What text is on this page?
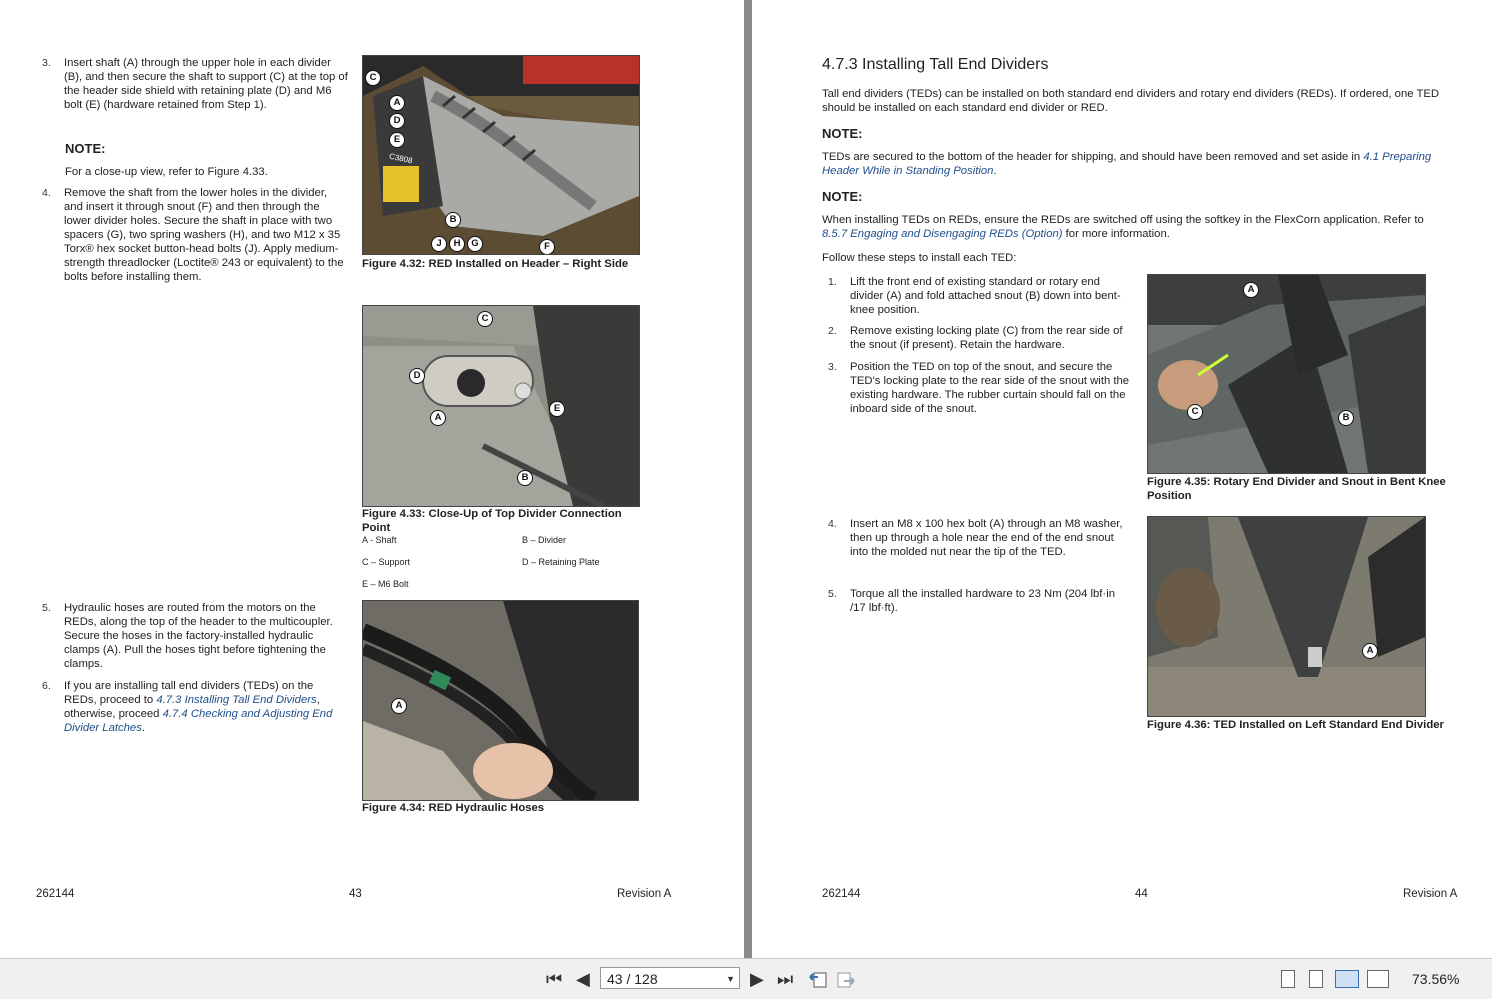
3. Insert shaft (A) through the upper hole in each divider (B), and then secure the shaft to support (C) at the top of the header side shield with retaining plate (D) and M6 bolt (E) (hardware retained from Step 1).
NOTE:
For a close-up view, refer to Figure 4.33.
4. Remove the shaft from the lower holes in the divider, and insert it through snout (F) and then through the lower divider holes. Secure the shaft in place with two spacers (G), two spring washers (H), and two M12 x 35 Torx® hex socket button-head bolts (J). Apply medium-strength threadlocker (Loctite® 243 or equivalent) to the bolts before installing them.
5. Hydraulic hoses are routed from the motors on the REDs, along the top of the header to the multicoupler. Secure the hoses in the factory-installed hydraulic clamps (A). Pull the hoses tight before tightening the clamps.
6. If you are installing tall end dividers (TEDs) on the REDs, proceed to 4.7.3 Installing Tall End Dividers, otherwise, proceed 4.7.4 Checking and Adjusting End Divider Latches.
C
A
D
E
C3808
B
J	H	G	F
Figure 4.32: RED Installed on Header – Right Side
C
D
A
E
B
Figure 4.33: Close-Up of Top Divider Connection Point
A - Shaft	B – Divider
C – Support	D – Retaining Plate
E – M6 Bolt
A
Figure 4.34: RED Hydraulic Hoses
262144	43	Revision A
4.7.3 Installing Tall End Dividers
Tall end dividers (TEDs) can be installed on both standard end dividers and rotary end dividers (REDs). If ordered, one TED should be installed on each standard end divider or RED.
NOTE:
TEDs are secured to the bottom of the header for shipping, and should have been removed and set aside in 4.1 Preparing Header While in Standing Position.
NOTE:
When installing TEDs on REDs, ensure the REDs are switched off using the softkey in the FlexCorn application. Refer to 8.5.7 Engaging and Disengaging REDs (Option) for more information.
Follow these steps to install each TED:
1. Lift the front end of existing standard or rotary end divider (A) and fold attached snout (B) down into bent-knee position.
2. Remove existing locking plate (C) from the rear side of the snout (if present). Retain the hardware.
3. Position the TED on top of the snout, and secure the TED's locking plate to the rear side of the snout with the existing hardware. The rubber curtain should fall on the inboard side of the snout.
4. Insert an M8 x 100 hex bolt (A) through an M8 washer, then up through a hole near the end of the end snout into the molded nut near the tip of the TED.
5. Torque all the installed hardware to 23 Nm (204 lbf·in /17 lbf·ft).
A
C
B
Figure 4.35: Rotary End Divider and Snout in Bent Knee Position
A
Figure 4.36: TED Installed on Left Standard End Divider
262144	44	Revision A
⏮ ◀	43 / 128	▼ ▶ ⏭	73.56%
